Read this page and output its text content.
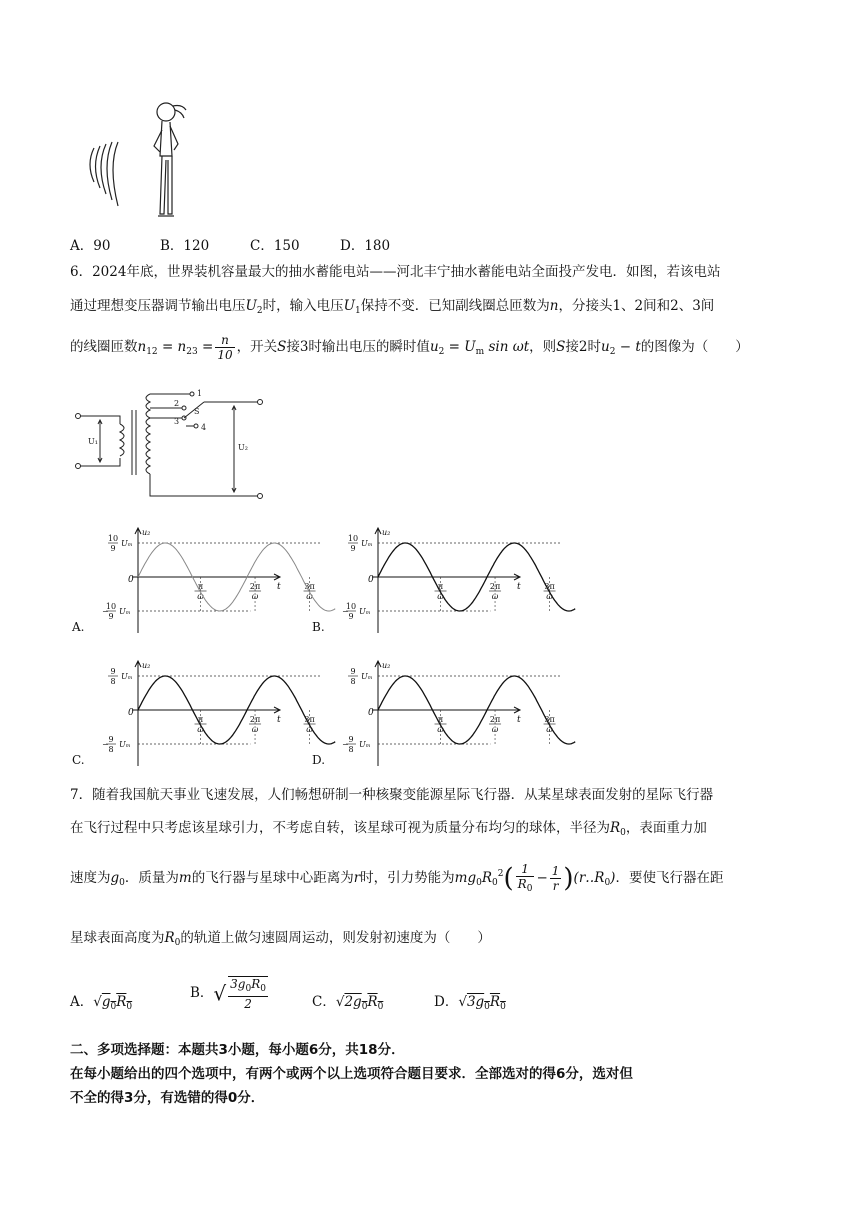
A．90	B．120	C．150	D．180
6．2024年底，世界装机容量最大的抽水蓄能电站——河北丰宁抽水蓄能电站全面投产发电．如图，若该电站
通过理想变压器调节输出电压$U_2$时，输入电压$U_1$保持不变．已知副线圈总匝数为n，分接头1、2间和2、3间
的线圈匝数$n_{12} = n_{23} = \frac{n}{10}$ ，开关S接3时输出电压的瞬时值$u_2 = U_m$ sin ωt，则S接2时$u_2 - t$的图像为（　　）
1
2
3
4
S
U₁
U₂
A.
u₂
t
0
10
9
Uₘ
−
10
9
Uₘ
π
ω
2π
ω
3π
ω
B.
u₂
t
0
10
9
Uₘ
−
10
9
Uₘ
π
ω
2π
ω
3π
ω
C.
u₂
t
0
9
8
Uₘ
−
9
8
Uₘ
π
ω
2π
ω
3π
ω
D.
u₂
t
0
9
8
Uₘ
−
9
8
Uₘ
π
ω
2π
ω
3π
ω
7．随着我国航天事业飞速发展，人们畅想研制一种核聚变能源星际飞行器．从某星球表面发射的星际飞行器
在飞行过程中只考虑该星球引力，不考虑自转，该星球可视为质量分布均匀的球体，半径为$R_0$，表面重力加
速度为$g_0$．质量为m的飞行器与星球中心距离为r时，引力势能为$mg_0R_0^2( \frac{1}{R_0} - \frac{1}{r}$ )$(r‥R_0)$．要使飞行器在距
星球表面高度为$R_0$的轨道上做匀速圆周运动，则发射初速度为（　　）
A．$√g_0R_0$
B．√ $\frac{3g_0R_0}{2}$	C．$√2g_0R_0$	D．$√3g_0R_0$
二、多项选择题：本题共3小题，每小题6分，共18分．
在每小题给出的四个选项中，有两个或两个以上选项符合题目要求．全部选对的得6分，选对但
不全的得3分，有选错的得0分．
